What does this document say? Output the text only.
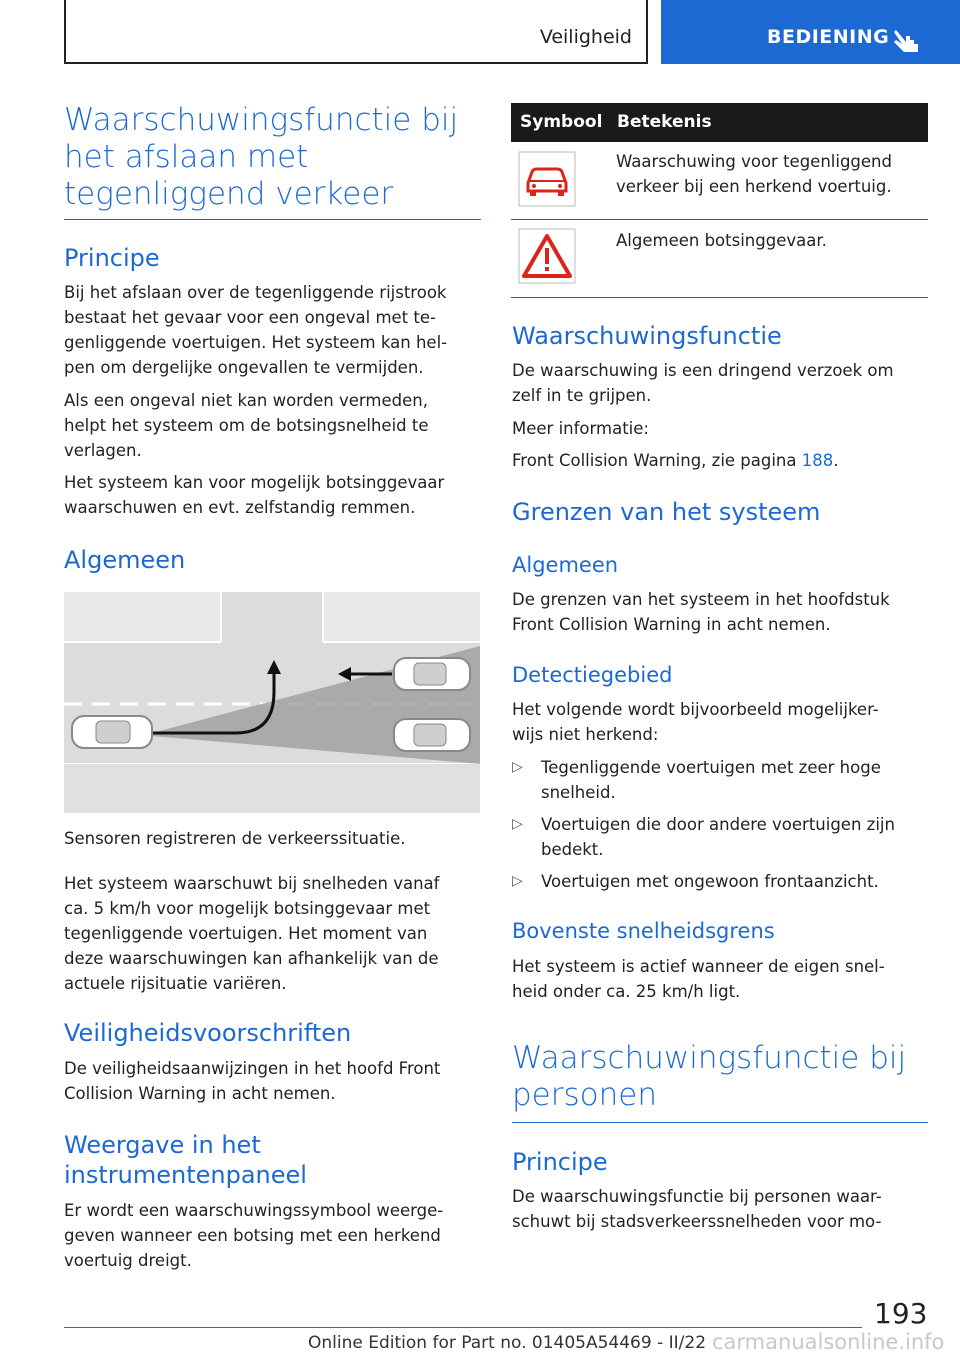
Veiligheid	BEDIENING
Waarschuwingsfunctie bij
het afslaan met
tegenliggend verkeer
Principe
Bij het afslaan over de tegenliggende rijstrook
bestaat het gevaar voor een ongeval met te-
genliggende voertuigen. Het systeem kan hel-
pen om dergelijke ongevallen te vermijden.
Als een ongeval niet kan worden vermeden,
helpt het systeem om de botsingsnelheid te
verlagen.
Het systeem kan voor mogelijk botsinggevaar
waarschuwen en evt. zelfstandig remmen.
Algemeen
Sensoren registreren de verkeerssituatie.
Het systeem waarschuwt bij snelheden vanaf
ca. 5 km/h voor mogelijk botsinggevaar met
tegenliggende voertuigen. Het moment van
deze waarschuwingen kan afhankelijk van de
actuele rijsituatie variëren.
Veiligheidsvoorschriften
De veiligheidsaanwijzingen in het hoofd Front
Collision Warning in acht nemen.
Weergave in het
instrumentenpaneel
Er wordt een waarschuwingssymbool weerge-
geven wanneer een botsing met een herkend
voertuig dreigt.
Symbool Betekenis
Waarschuwing voor tegenliggend
verkeer bij een herkend voertuig.
Algemeen botsinggevaar.
Waarschuwingsfunctie
De waarschuwing is een dringend verzoek om
zelf in te grijpen.
Meer informatie:
Front Collision Warning, zie pagina 188.
Grenzen van het systeem
Algemeen
De grenzen van het systeem in het hoofdstuk
Front Collision Warning in acht nemen.
Detectiegebied
Het volgende wordt bijvoorbeeld mogelijker-
wijs niet herkend:
▷ Tegenliggende voertuigen met zeer hoge
snelheid.
▷ Voertuigen die door andere voertuigen zijn
bedekt.
▷ Voertuigen met ongewoon frontaanzicht.
Bovenste snelheidsgrens
Het systeem is actief wanneer de eigen snel-
heid onder ca. 25 km/h ligt.
Waarschuwingsfunctie bij
personen
Principe
De waarschuwingsfunctie bij personen waar-
schuwt bij stadsverkeerssnelheden voor mo-
193
Online Edition for Part no. 01405A54469 - II/22 carmanualsonline.info
